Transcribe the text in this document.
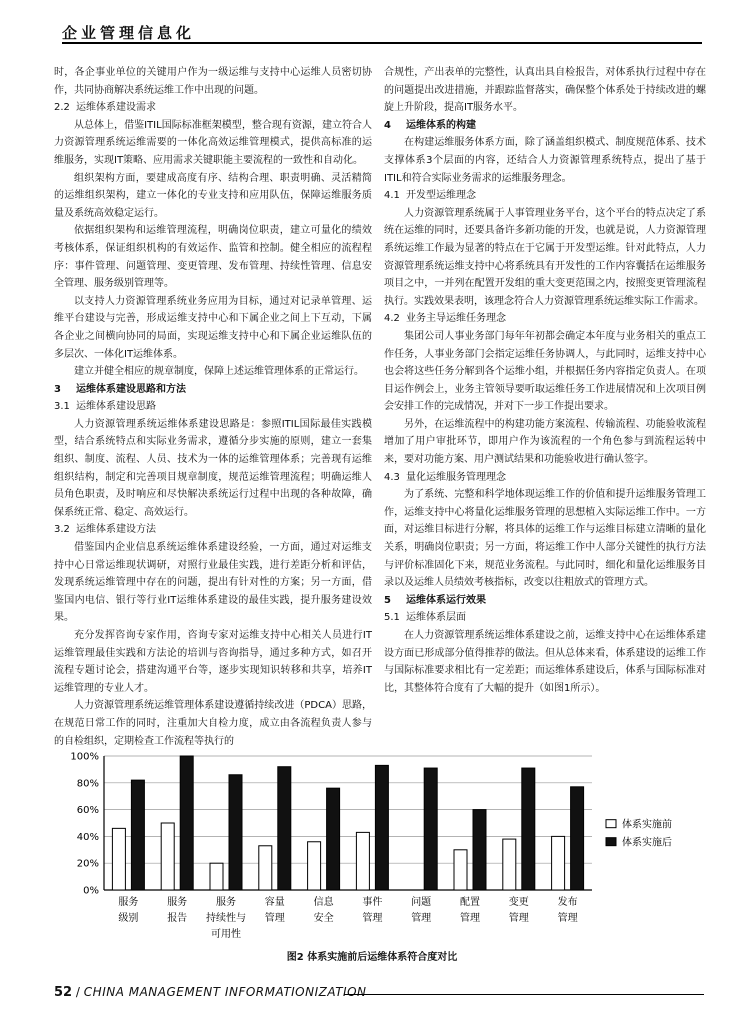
企业管理信息化

时，各企事业单位的关键用户作为一级运维与支持中心运维人员密切协作，共同协商解决系统运维工作中出现的问题。

2.2 运维体系建设需求

从总体上，借鉴ITIL国际标准框架模型，整合现有资源，建立符合人力资源管理系统运维需要的一体化高效运维管理模式，提供高标准的运维服务，实现IT策略、应用需求关键职能主要流程的一致性和自动化。

组织架构方面，要建成高度有序、结构合理、职责明确、灵活精简的运维组织架构，建立一体化的专业支持和应用队伍，保障运维服务质量及系统高效稳定运行。

依据组织架构和运维管理流程，明确岗位职责，建立可量化的绩效考核体系，保证组织机构的有效运作、监管和控制。健全相应的流程程序：事件管理、问题管理、变更管理、发布管理、持续性管理、信息安全管理、服务级别管理等。

以支持人力资源管理系统业务应用为目标，通过对记录单管理、运维平台建设与完善，形成运维支持中心和下属企业之间上下互动，下属各企业之间横向协同的局面，实现运维支持中心和下属企业运维队伍的多层次、一体化IT运维体系。

建立并健全相应的规章制度，保障上述运维管理体系的正常运行。

3 运维体系建设思路和方法

3.1 运维体系建设思路

人力资源管理系统运维体系建设思路是：参照ITIL国际最佳实践模型，结合系统特点和实际业务需求，遵循分步实施的原则，建立一套集组织、制度、流程、人员、技术为一体的运维管理体系；完善现有运维组织结构，制定和完善项目规章制度，规范运维管理流程；明确运维人员角色职责，及时响应和尽快解决系统运行过程中出现的各种故障，确保系统正常、稳定、高效运行。

3.2 运维体系建设方法

借鉴国内企业信息系统运维体系建设经验，一方面，通过对运维支持中心日常运维现状调研，对照行业最佳实践，进行差距分析和评估，发现系统运维管理中存在的问题，提出有针对性的方案；另一方面，借鉴国内电信、银行等行业IT运维体系建设的最佳实践，提升服务建设效果。

充分发挥咨询专家作用，咨询专家对运维支持中心相关人员进行IT运维管理最佳实践和方法论的培训与咨询指导，通过多种方式，如召开流程专题讨论会，搭建沟通平台等，逐步实现知识转移和共享，培养IT运维管理的专业人才。

人力资源管理系统运维管理体系建设遵循持续改进（PDCA）思路，在规范日常工作的同时，注重加大自检力度，成立由各流程负责人参与的自检组织，定期检查工作流程等执行的

合规性，产出表单的完整性，认真出具自检报告，对体系执行过程中存在的问题提出改进措施，并跟踪监督落实，确保整个体系处于持续改进的螺旋上升阶段，提高IT服务水平。

4 运维体系的构建

在构建运维服务体系方面，除了涵盖组织模式、制度规范体系、技术支撑体系3个层面的内容，还结合人力资源管理系统特点，提出了基于ITIL和符合实际业务需求的运维服务理念。

4.1 开发型运维理念

人力资源管理系统属于人事管理业务平台，这个平台的特点决定了系统在运维的同时，还要具备许多新功能的开发，也就是说，人力资源管理系统运维工作最为显著的特点在于它属于开发型运维。针对此特点，人力资源管理系统运维支持中心将系统具有开发性的工作内容囊括在运维服务项目之中，一并列在配置开发组的重大变更范围之内，按照变更管理流程执行。实践效果表明，该理念符合人力资源管理系统运维实际工作需求。

4.2 业务主导运维任务理念

集团公司人事业务部门每年年初都会确定本年度与业务相关的重点工作任务，人事业务部门会指定运维任务协调人，与此同时，运维支持中心也会将这些任务分解到各个运维小组，并根据任务内容指定负责人。在项目运作例会上，业务主管领导要听取运维任务工作进展情况和上次项目例会安排工作的完成情况，并对下一步工作提出要求。

另外，在运维流程中的构建功能方案流程、传输流程、功能验收流程增加了用户审批环节，即用户作为该流程的一个角色参与到流程运转中来，要对功能方案、用户测试结果和功能验收进行确认签字。

4.3 量化运维服务管理理念

为了系统、完整和科学地体现运维工作的价值和提升运维服务管理工作，运维支持中心将量化运维服务管理的思想植入实际运维工作中。一方面，对运维目标进行分解，将具体的运维工作与运维目标建立清晰的量化关系，明确岗位职责；另一方面，将运维工作中人部分关键性的执行方法与评价标准固化下来，规范业务流程。与此同时，细化和量化运维服务目录以及运维人员绩效考核指标，改变以往粗放式的管理方式。

5 运维体系运行效果

5.1 运维体系层面

在人力资源管理系统运维体系建设之前，运维支持中心在运维体系建设方面已形成部分值得推荐的做法。但从总体来看，体系建设的运维工作与国际标准要求相比有一定差距；而运维体系建设后，体系与国际标准对比，其整体符合度有了大幅的提升（如图1所示）。

0%
20%
40%
60%
80%
100%
服务
级别
服务
报告
服务
持续性与
可用性
容量
管理
信息
安全
事件
管理
问题
管理
配置
管理
变更
管理
发布
管理
体系实施前
体系实施后
图2 体系实施前后运维体系符合度对比
52 / CHINA MANAGEMENT INFORMATIONIZATION
